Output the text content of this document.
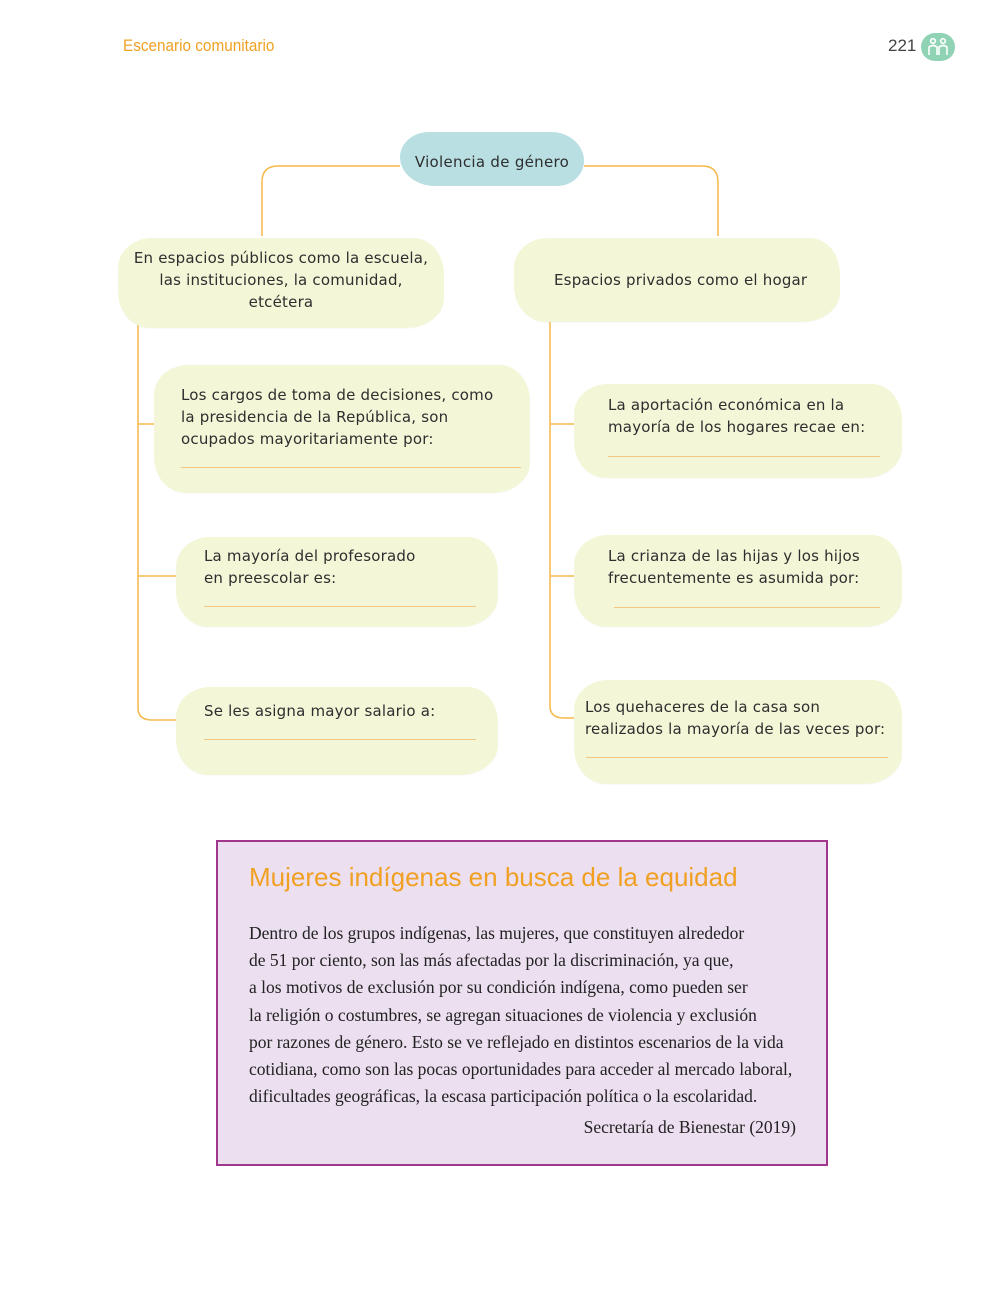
Escenario comunitario	221
Violencia de género
En espacios públicos como la escuela,
las instituciones, la comunidad,
etcétera
Espacios privados como el hogar
Los cargos de toma de decisiones, como
la presidencia de la República, son
ocupados mayoritariamente por:
La mayoría del profesorado
en preescolar es:
Se les asigna mayor salario a:
La aportación económica en la
mayoría de los hogares recae en:
La crianza de las hijas y los hijos
frecuentemente es asumida por:
Los quehaceres de la casa son
realizados la mayoría de las veces por:
Mujeres indígenas en busca de la equidad
Dentro de los grupos indígenas, las mujeres, que constituyen alrededor
de 51 por ciento, son las más afectadas por la discriminación, ya que,
a los motivos de exclusión por su condición indígena, como pueden ser
la religión o costumbres, se agregan situaciones de violencia y exclusión
por razones de género. Esto se ve reflejado en distintos escenarios de la vida
cotidiana, como son las pocas oportunidades para acceder al mercado laboral,
dificultades geográficas, la escasa participación política o la escolaridad.
Secretaría de Bienestar (2019)
